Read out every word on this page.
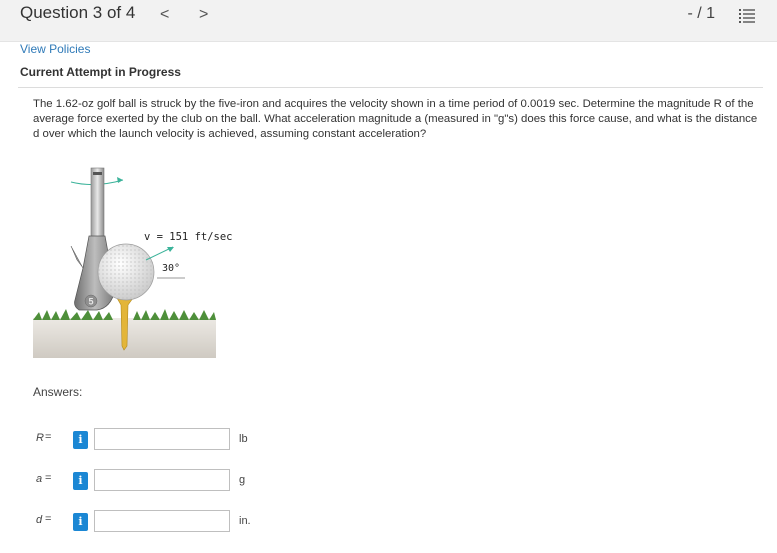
Question 3 of 4 < >	- / 1
View Policies
Current Attempt in Progress
The 1.62-oz golf ball is struck by the five-iron and acquires the velocity shown in a time period of 0.0019 sec. Determine the magnitude R of the average force exerted by the club on the ball. What acceleration magnitude a (measured in "g"s) does this force cause, and what is the distance d over which the launch velocity is achieved, assuming constant acceleration?
5
v = 151 ft/sec
30°
Answers:
R =	i	lb
a =	i	g
d =	i	in.
